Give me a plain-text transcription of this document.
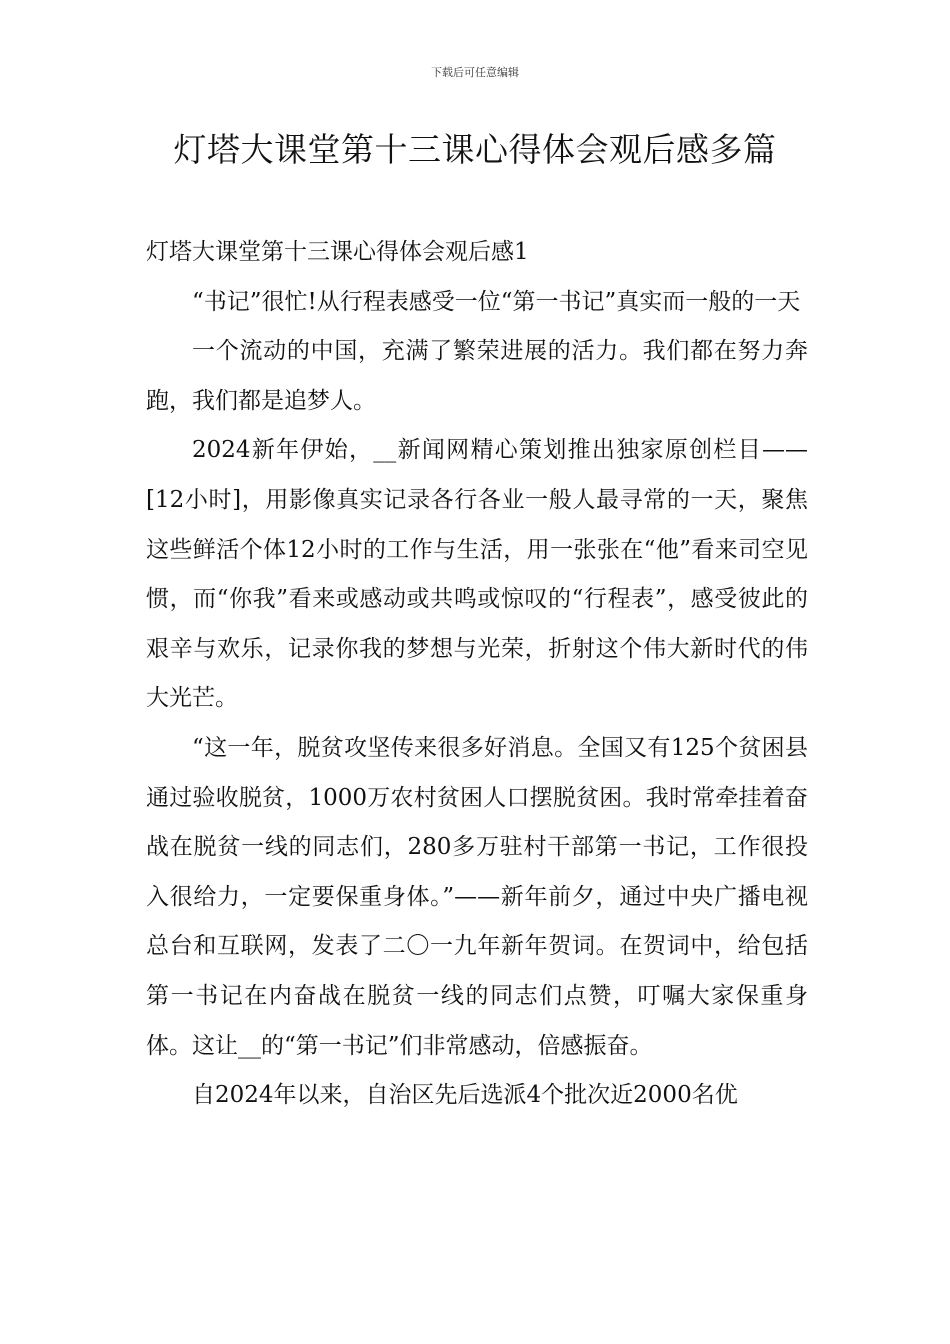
下载后可任意编辑
灯塔大课堂第十三课心得体会观后感多篇

灯塔大课堂第十三课心得体会观后感1

“书记”很忙!从行程表感受一位“第一书记”真实而一般的一天

一个流动的中国，充满了繁荣进展的活力。我们都在努力奔跑，我们都是追梦人。

2024新年伊始，__新闻网精心策划推出独家原创栏目——[12小时]，用影像真实记录各行各业一般人最寻常的一天，聚焦这些鲜活个体12小时的工作与生活，用一张张在“他”看来司空见惯，而“你我”看来或感动或共鸣或惊叹的“行程表”，感受彼此的艰辛与欢乐，记录你我的梦想与光荣，折射这个伟大新时代的伟大光芒。

“这一年，脱贫攻坚传来很多好消息。全国又有125个贫困县通过验收脱贫，1000万农村贫困人口摆脱贫困。我时常牵挂着奋战在脱贫一线的同志们，280多万驻村干部第一书记，工作很投入很给力，一定要保重身体。”——新年前夕，通过中央广播电视总台和互联网，发表了二〇一九年新年贺词。在贺词中，给包括第一书记在内奋战在脱贫一线的同志们点赞，叮嘱大家保重身体。这让__的“第一书记”们非常感动，倍感振奋。

自2024年以来，自治区先后选派4个批次近2000名优
